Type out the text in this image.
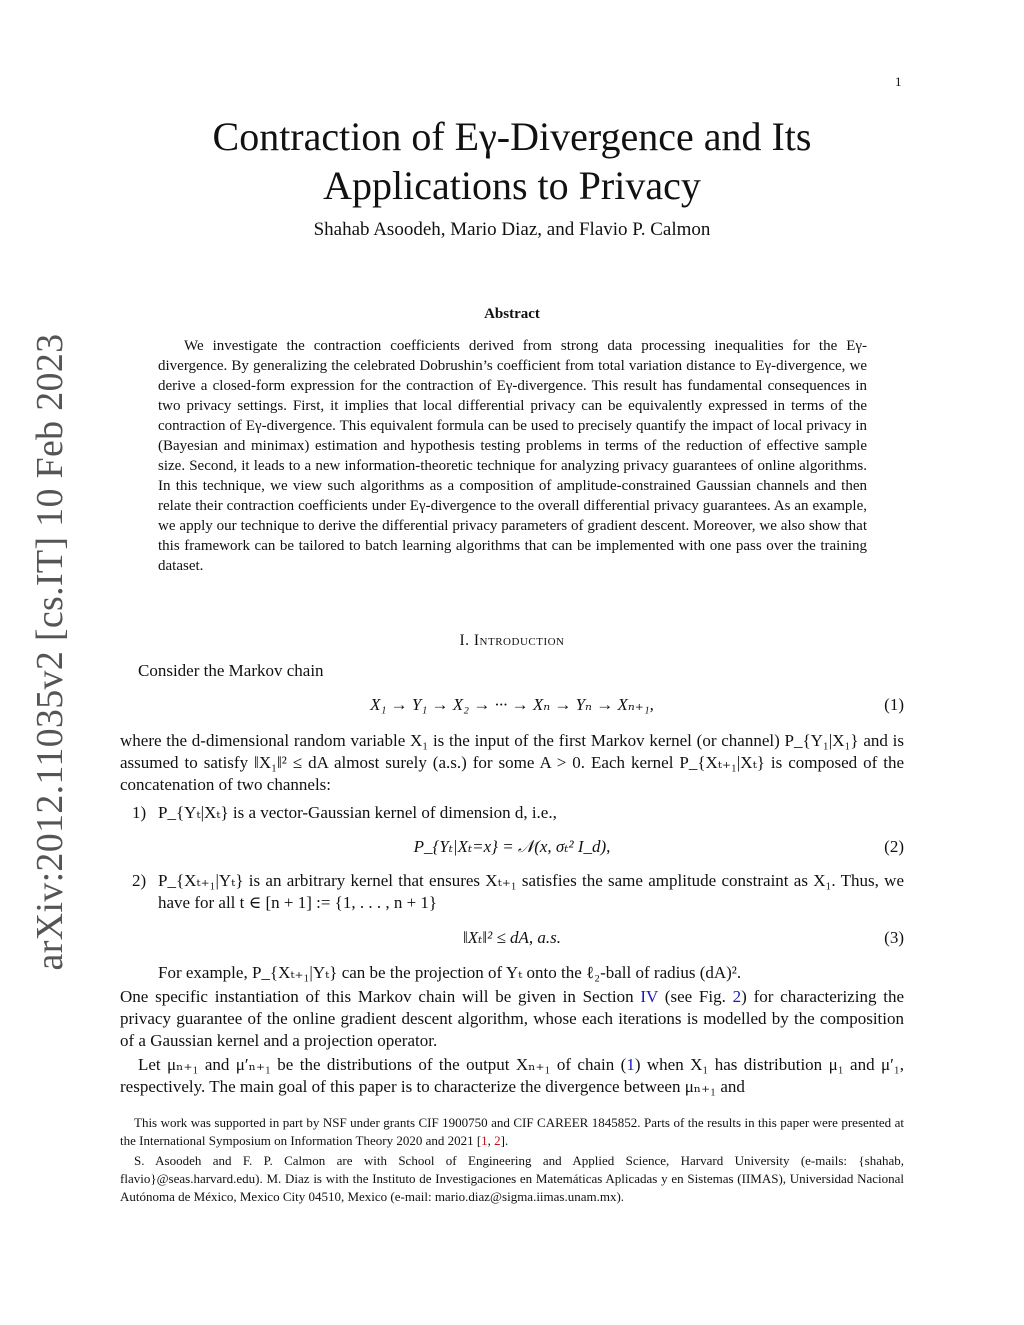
1
arXiv:2012.11035v2 [cs.IT] 10 Feb 2023
Contraction of Eγ-Divergence and Its
Applications to Privacy
Shahab Asoodeh, Mario Diaz, and Flavio P. Calmon
Abstract

We investigate the contraction coefficients derived from strong data processing inequalities for the Eγ-divergence. By generalizing the celebrated Dobrushin’s coefficient from total variation distance to Eγ-divergence, we derive a closed-form expression for the contraction of Eγ-divergence. This result has fundamental consequences in two privacy settings. First, it implies that local differential privacy can be equivalently expressed in terms of the contraction of Eγ-divergence. This equivalent formula can be used to precisely quantify the impact of local privacy in (Bayesian and minimax) estimation and hypothesis testing problems in terms of the reduction of effective sample size. Second, it leads to a new information-theoretic technique for analyzing privacy guarantees of online algorithms. In this technique, we view such algorithms as a composition of amplitude-constrained Gaussian channels and then relate their contraction coefficients under Eγ-divergence to the overall differential privacy guarantees. As an example, we apply our technique to derive the differential privacy parameters of gradient descent. Moreover, we also show that this framework can be tailored to batch learning algorithms that can be implemented with one pass over the training dataset.

I. Introduction
Consider the Markov chain
X₁ → Y₁ → X₂ → ··· → Xₙ → Yₙ → Xₙ₊₁,	(1)

where the d-dimensional random variable X₁ is the input of the first Markov kernel (or channel) P_{Y₁|X₁} and is assumed to satisfy ‖X₁‖² ≤ dA almost surely (a.s.) for some A > 0. Each kernel P_{Xₜ₊₁|Xₜ} is composed of the concatenation of two channels:

1) P_{Yₜ|Xₜ} is a vector-Gaussian kernel of dimension d, i.e.,
P_{Yₜ|Xₜ=x} = 𝒩(x, σₜ² I_d),	(2)
2) P_{Xₜ₊₁|Yₜ} is an arbitrary kernel that ensures Xₜ₊₁ satisfies the same amplitude constraint as X₁. Thus, we have for all t ∈ [n + 1] := {1, . . . , n + 1}
‖Xₜ‖² ≤ dA, a.s.	(3)

For example, P_{Xₜ₊₁|Yₜ} can be the projection of Yₜ onto the ℓ₂-ball of radius (dA)².

One specific instantiation of this Markov chain will be given in Section IV (see Fig. 2) for characterizing the privacy guarantee of the online gradient descent algorithm, whose each iterations is modelled by the composition of a Gaussian kernel and a projection operator.

Let μₙ₊₁ and μ′ₙ₊₁ be the distributions of the output Xₙ₊₁ of chain (1) when X₁ has distribution μ₁ and μ′₁, respectively. The main goal of this paper is to characterize the divergence between μₙ₊₁ and

This work was supported in part by NSF under grants CIF 1900750 and CIF CAREER 1845852. Parts of the results in this paper were presented at the International Symposium on Information Theory 2020 and 2021 [1, 2].

S. Asoodeh and F. P. Calmon are with School of Engineering and Applied Science, Harvard University (e-mails: {shahab, flavio}@seas.harvard.edu). M. Diaz is with the Instituto de Investigaciones en Matemáticas Aplicadas y en Sistemas (IIMAS), Universidad Nacional Autónoma de México, Mexico City 04510, Mexico (e-mail: mario.diaz@sigma.iimas.unam.mx).
